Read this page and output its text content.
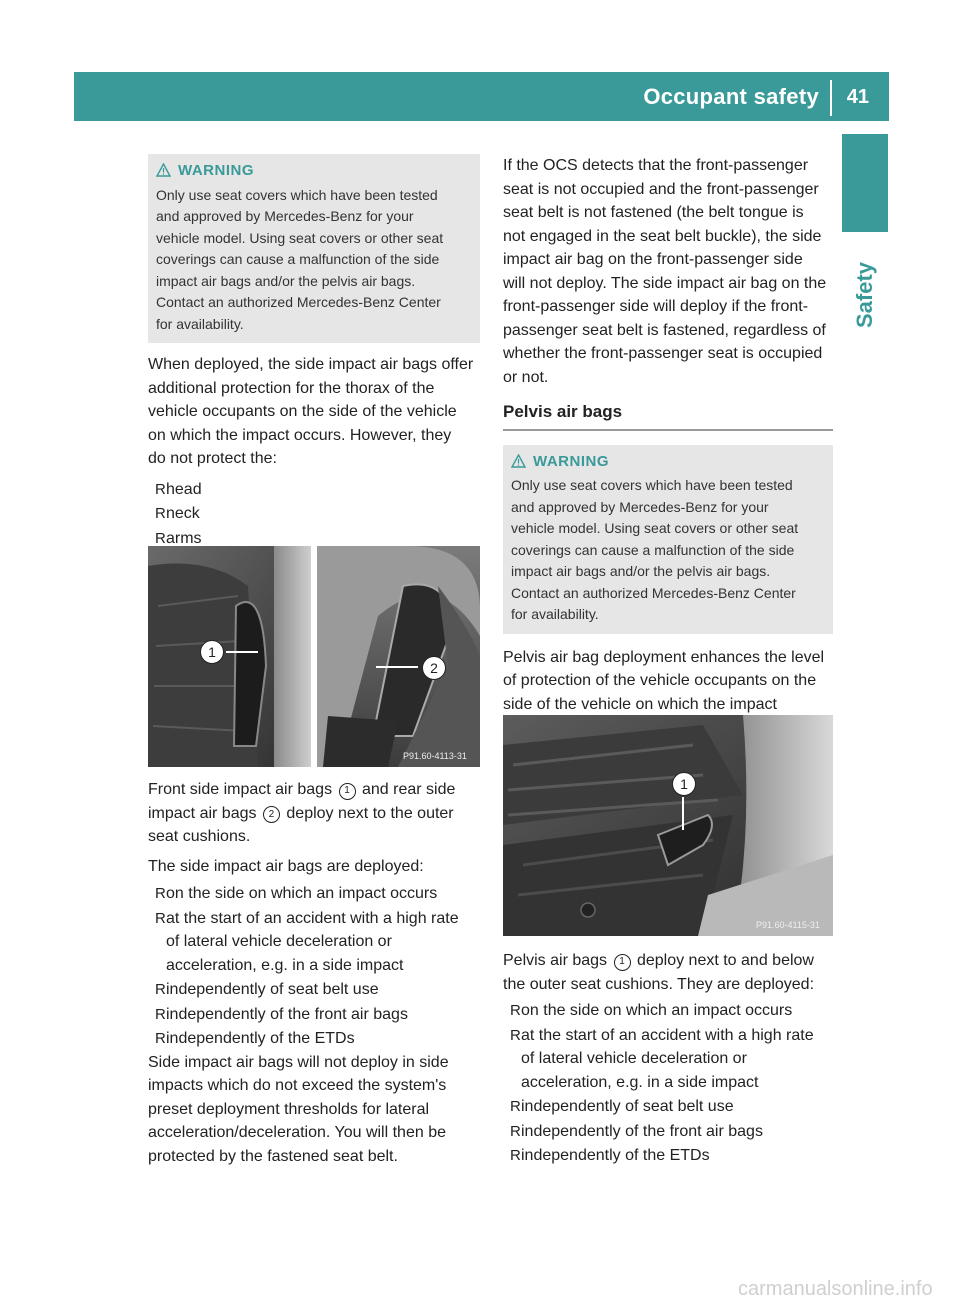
Occupant safety 41
Safety
WARNING
Only use seat covers which have been tested
and approved by Mercedes-Benz for your
vehicle model. Using seat covers or other seat
coverings can cause a malfunction of the side
impact air bags and/or the pelvis air bags.
Contact an authorized Mercedes-Benz Center
for availability.
When deployed, the side impact air bags offer
additional protection for the thorax of the
vehicle occupants on the side of the vehicle
on which the impact occurs. However, they
do not protect the:
R head
R neck
R arms
1
2
P91.60-4113-31

Front side impact air bags 1 and rear side

impact air bags 2 deploy next to the outer

seat cushions.

The side impact air bags are deployed:

R on the side on which an impact occurs
R at the start of an accident with a high rate
of lateral vehicle deceleration or
acceleration, e.g. in a side impact
R independently of seat belt use
R independently of the front air bags
R independently of the ETDs
Side impact air bags will not deploy in side
impacts which do not exceed the system's
preset deployment thresholds for lateral
acceleration/deceleration. You will then be
protected by the fastened seat belt.
If the OCS detects that the front-passenger
seat is not occupied and the front-passenger
seat belt is not fastened (the belt tongue is
not engaged in the seat belt buckle), the side
impact air bag on the front-passenger side
will not deploy. The side impact air bag on the
front-passenger side will deploy if the front-
passenger seat belt is fastened, regardless of
whether the front-passenger seat is occupied
or not.
Pelvis air bags
WARNING
Only use seat covers which have been tested
and approved by Mercedes-Benz for your
vehicle model. Using seat covers or other seat
coverings can cause a malfunction of the side
impact air bags and/or the pelvis air bags.
Contact an authorized Mercedes-Benz Center
for availability.
Pelvis air bag deployment enhances the level
of protection of the vehicle occupants on the
side of the vehicle on which the impact
1
P91.60-4115-31

Pelvis air bags 1 deploy next to and below

the outer seat cushions. They are deployed:

R on the side on which an impact occurs
R at the start of an accident with a high rate
of lateral vehicle deceleration or
acceleration, e.g. in a side impact
R independently of seat belt use
R independently of the front air bags
R independently of the ETDs
carmanualsonline.info
